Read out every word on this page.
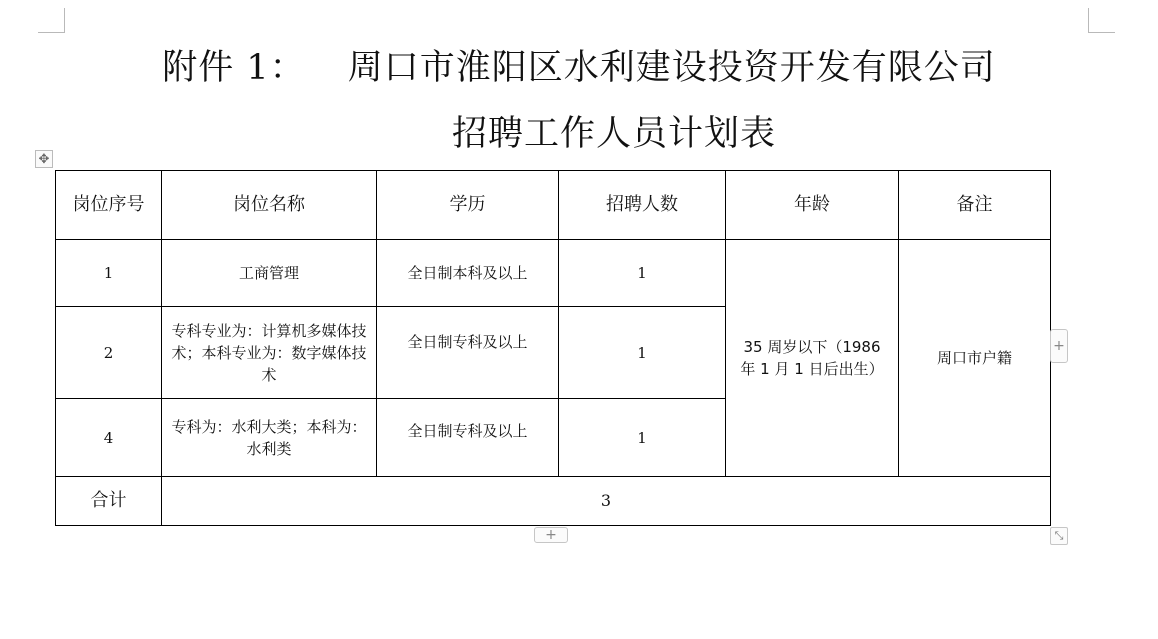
附件 1： 周口市淮阳区水利建设投资开发有限公司
招聘工作人员计划表
✥
岗位序号	岗位名称	学历	招聘人数	年龄	备注
1	工商管理	全日制本科及以上	1	35 周岁以下（1986 年 1 月 1 日后出生）	周口市户籍
2	专科专业为：计算机多媒体技术；本科专业为：数字媒体技术	全日制专科及以上	1		
4	专科为：水利大类；本科为：水利类	全日制专科及以上	1		
合计	3				
+
+	⤡
